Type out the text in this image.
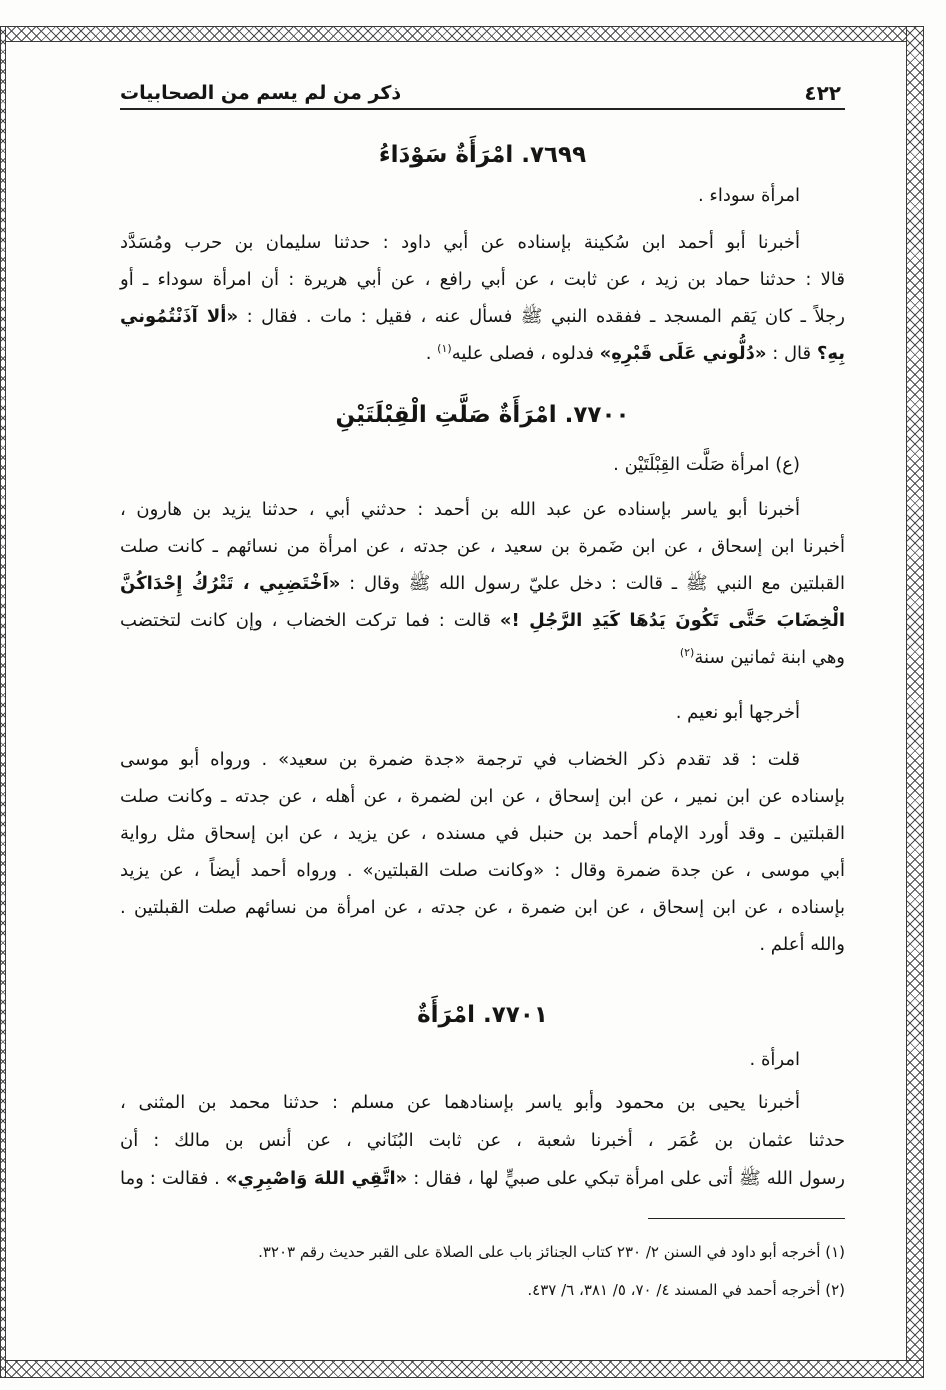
٤٢٢
ذكر من لم يسم من الصحابيات
٧٦٩٩. امْرَأَةٌ سَوْدَاءُ
امرأة سوداء .
أخبرنا أبو أحمد ابن سُكينة بإسناده عن أبي داود : حدثنا سليمان بن حرب ومُسَدَّد
قالا : حدثنا حماد بن زيد ، عن ثابت ، عن أبي رافع ، عن أبي هريرة : أن امرأة سوداء ـ أو
رجلاً ـ كان يَقم المسجد ـ ففقده النبي ﷺ فسأل عنه ، فقيل : مات . فقال : «ألا آذَنْتُمُوني
بِهِ؟ قال : «دُلُّوني عَلَى قَبْرِهِ» فدلوه ، فصلى عليه$^{(١)}$ .
٧٧٠٠. امْرَأَةٌ صَلَّتِ الْقِبْلَتَيْنِ
(ع) امرأة صَلَّت القِبْلَتَيْن .
أخبرنا أبو ياسر بإسناده عن عبد الله بن أحمد : حدثني أبي ، حدثنا يزيد بن هارون ،
أخبرنا ابن إسحاق ، عن ابن ضَمرة بن سعيد ، عن جدته ، عن امرأة من نسائهم ـ كانت صلت
القبلتين مع النبي ﷺ ـ قالت : دخل عليّ رسول الله ﷺ وقال : «اَخْتَضِبِي ، تَتْرُكُ إِحْدَاكُنَّ
الْخِضَابَ حَتَّى تَكُونَ يَدُهَا كَيَدِ الرَّجُلِ !» قالت : فما تركت الخضاب ، وإن كانت لتختضب
وهي ابنة ثمانين سنة$^{(٢)}$
أخرجها أبو نعيم .
قلت : قد تقدم ذكر الخضاب في ترجمة «جدة ضمرة بن سعيد» . ورواه أبو موسى
بإسناده عن ابن نمير ، عن ابن إسحاق ، عن ابن لضمرة ، عن أهله ، عن جدته ـ وكانت صلت
القبلتين ـ وقد أورد الإمام أحمد بن حنبل في مسنده ، عن يزيد ، عن ابن إسحاق مثل رواية
أبي موسى ، عن جدة ضمرة وقال : «وكانت صلت القبلتين» . ورواه أحمد أيضاً ، عن يزيد
بإسناده ، عن ابن إسحاق ، عن ابن ضمرة ، عن جدته ، عن امرأة من نسائهم صلت القبلتين .
والله أعلم .
٧٧٠١. امْرَأَةٌ
امرأة .
أخبرنا يحيى بن محمود وأبو ياسر بإسنادهما عن مسلم : حدثنا محمد بن المثنى ،
حدثنا عثمان بن عُمَر ، أخبرنا شعبة ، عن ثابت البُنَاني ، عن أنس بن مالك : أن
رسول الله ﷺ أتى على امرأة تبكي على صبيٍّ لها ، فقال : «اتَّقِي اللهَ وَاصْبِرِي» . فقالت : وما
(١) أخرجه أبو داود في السنن ٢/ ٢٣٠ كتاب الجنائز باب على الصلاة على القبر حديث رقم ٣٢٠٣.
(٢) أخرجه أحمد في المسند ٤/ ٧٠، ٥/ ٣٨١، ٦/ ٤٣٧.
